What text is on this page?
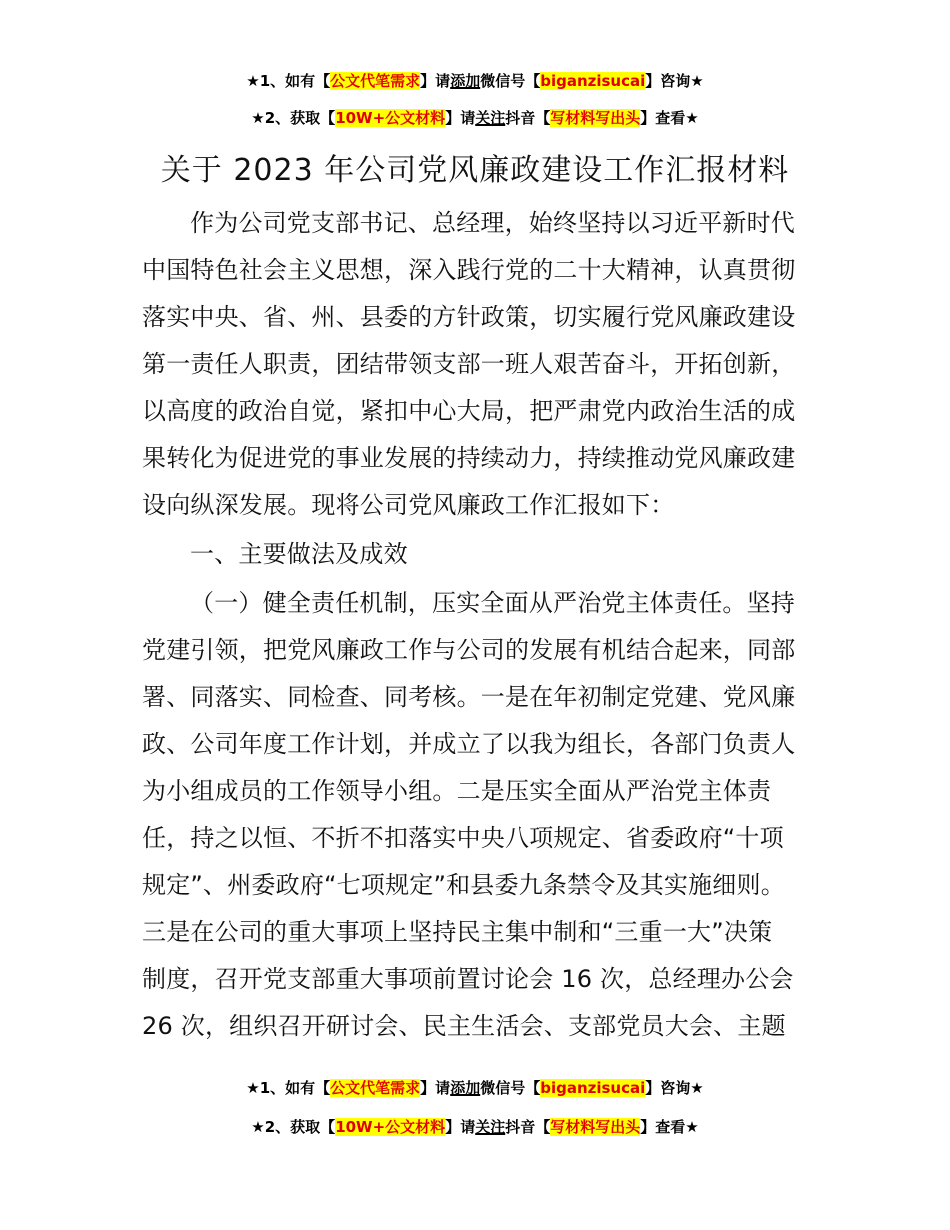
★1、如有【公文代笔需求】请添加微信号【biganzisucai】咨询★
★2、获取【10W+公文材料】请关注抖音【写材料写出头】查看★
关于 2023 年公司党风廉政建设工作汇报材料
作为公司党支部书记、总经理，始终坚持以习近平新时代
中国特色社会主义思想，深入践行党的二十大精神，认真贯彻
落实中央、省、州、县委的方针政策，切实履行党风廉政建设
第一责任人职责，团结带领支部一班人艰苦奋斗，开拓创新，
以高度的政治自觉，紧扣中心大局，把严肃党内政治生活的成
果转化为促进党的事业发展的持续动力，持续推动党风廉政建
设向纵深发展。现将公司党风廉政工作汇报如下：
一、主要做法及成效
（一）健全责任机制，压实全面从严治党主体责任。坚持
党建引领，把党风廉政工作与公司的发展有机结合起来，同部
署、同落实、同检查、同考核。一是在年初制定党建、党风廉
政、公司年度工作计划，并成立了以我为组长，各部门负责人
为小组成员的工作领导小组。二是压实全面从严治党主体责
任，持之以恒、不折不扣落实中央八项规定、省委政府“十项
规定”、州委政府“七项规定”和县委九条禁令及其实施细则。
三是在公司的重大事项上坚持民主集中制和“三重一大”决策
制度，召开党支部重大事项前置讨论会 16 次，总经理办公会
26 次，组织召开研讨会、民主生活会、支部党员大会、主题
★1、如有【公文代笔需求】请添加微信号【biganzisucai】咨询★
★2、获取【10W+公文材料】请关注抖音【写材料写出头】查看★
